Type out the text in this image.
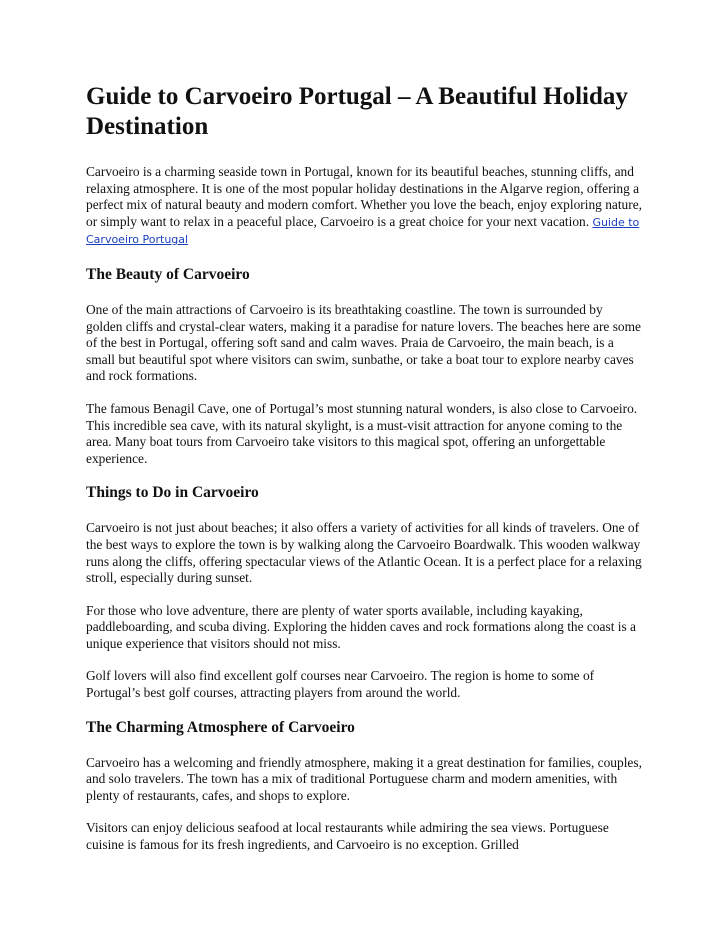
Guide to Carvoeiro Portugal – A Beautiful Holiday Destination

Carvoeiro is a charming seaside town in Portugal, known for its beautiful beaches, stunning cliffs, and relaxing atmosphere. It is one of the most popular holiday destinations in the Algarve region, offering a perfect mix of natural beauty and modern comfort. Whether you love the beach, enjoy exploring nature, or simply want to relax in a peaceful place, Carvoeiro is a great choice for your next vacation. Guide to Carvoeiro Portugal

The Beauty of Carvoeiro

One of the main attractions of Carvoeiro is its breathtaking coastline. The town is surrounded by golden cliffs and crystal-clear waters, making it a paradise for nature lovers. The beaches here are some of the best in Portugal, offering soft sand and calm waves. Praia de Carvoeiro, the main beach, is a small but beautiful spot where visitors can swim, sunbathe, or take a boat tour to explore nearby caves and rock formations.

The famous Benagil Cave, one of Portugal’s most stunning natural wonders, is also close to Carvoeiro. This incredible sea cave, with its natural skylight, is a must-visit attraction for anyone coming to the area. Many boat tours from Carvoeiro take visitors to this magical spot, offering an unforgettable experience.

Things to Do in Carvoeiro

Carvoeiro is not just about beaches; it also offers a variety of activities for all kinds of travelers. One of the best ways to explore the town is by walking along the Carvoeiro Boardwalk. This wooden walkway runs along the cliffs, offering spectacular views of the Atlantic Ocean. It is a perfect place for a relaxing stroll, especially during sunset.

For those who love adventure, there are plenty of water sports available, including kayaking, paddleboarding, and scuba diving. Exploring the hidden caves and rock formations along the coast is a unique experience that visitors should not miss.

Golf lovers will also find excellent golf courses near Carvoeiro. The region is home to some of Portugal’s best golf courses, attracting players from around the world.

The Charming Atmosphere of Carvoeiro

Carvoeiro has a welcoming and friendly atmosphere, making it a great destination for families, couples, and solo travelers. The town has a mix of traditional Portuguese charm and modern amenities, with plenty of restaurants, cafes, and shops to explore.

Visitors can enjoy delicious seafood at local restaurants while admiring the sea views. Portuguese cuisine is famous for its fresh ingredients, and Carvoeiro is no exception. Grilled
